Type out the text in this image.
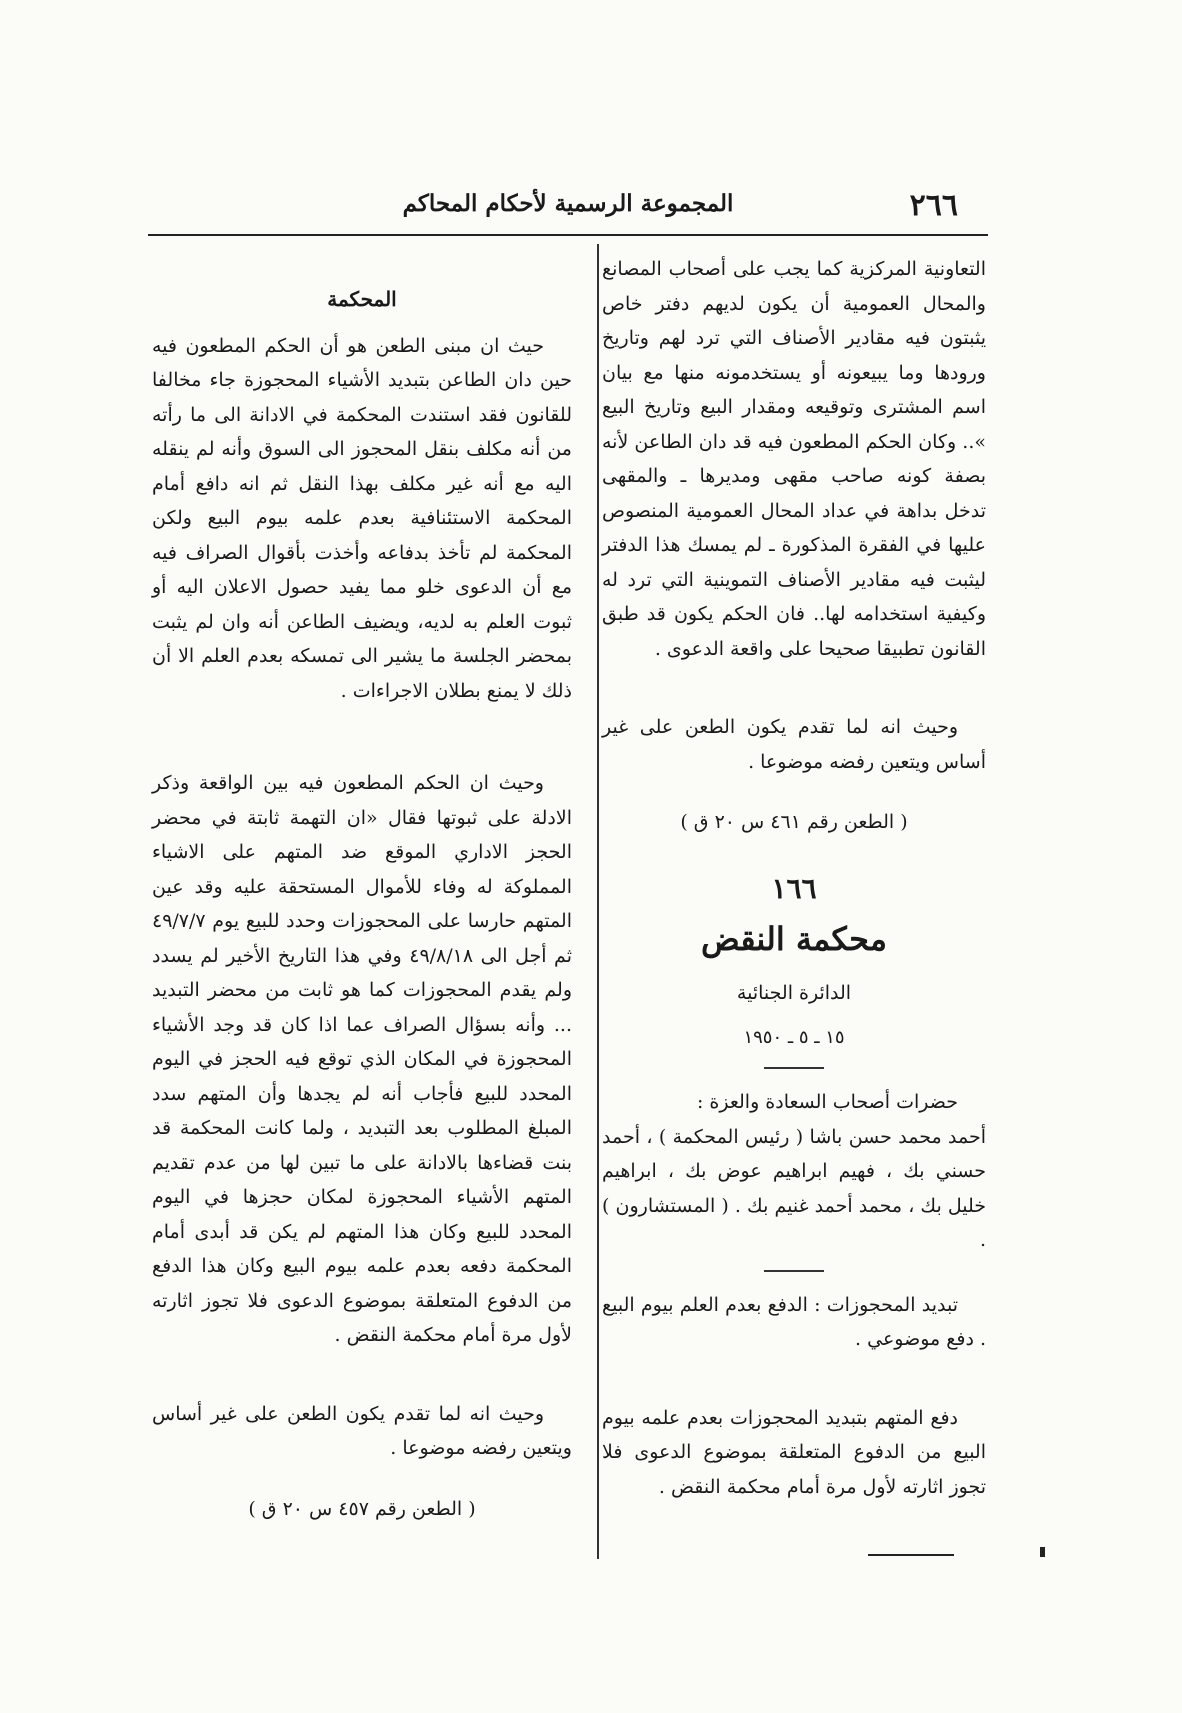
٢٦٦
المجموعة الرسمية لأحكام المحاكم

التعاونية المركزية كما يجب على أصحاب المصانع والمحال العمومية أن يكون لديهم دفتر خاص يثبتون فيه مقادير الأصناف التي ترد لهم وتاريخ ورودها وما يبيعونه أو يستخدمونه منها مع بيان اسم المشترى وتوقيعه ومقدار البيع وتاريخ البيع ».. وكان الحكم المطعون فيه قد دان الطاعن لأنه بصفة كونه صاحب مقهى ومديرها ـ والمقهى تدخل بداهة في عداد المحال العمومية المنصوص عليها في الفقرة المذكورة ـ لم يمسك هذا الدفتر ليثبت فيه مقادير الأصناف التموينية التي ترد له وكيفية استخدامه لها.. فان الحكم يكون قد طبق القانون تطبيقا صحيحا على واقعة الدعوى .

وحيث انه لما تقدم يكون الطعن على غير أساس ويتعين رفضه موضوعا .

( الطعن رقم ٤٦١ س ٢٠ ق )

١٦٦
محكمة النقض
الدائرة الجنائية
١٥ ـ ٥ ـ ١٩٥٠

حضرات أصحاب السعادة والعزة :

أحمد محمد حسن باشا ( رئيس المحكمة ) ، أحمد حسني بك ، فهيم ابراهيم عوض بك ، ابراهيم خليل بك ، محمد أحمد غنيم بك . ( المستشارون ) .

تبديد المحجوزات : الدفع بعدم العلم بيوم البيع . دفع موضوعي .

دفع المتهم بتبديد المحجوزات بعدم علمه بيوم البيع من الدفوع المتعلقة بموضوع الدعوى فلا تجوز اثارته لأول مرة أمام محكمة النقض .

المحكمة

حيث ان مبنى الطعن هو أن الحكم المطعون فيه حين دان الطاعن بتبديد الأشياء المحجوزة جاء مخالفا للقانون فقد استندت المحكمة في الادانة الى ما رأته من أنه مكلف بنقل المحجوز الى السوق وأنه لم ينقله اليه مع أنه غير مكلف بهذا النقل ثم انه دافع أمام المحكمة الاستئنافية بعدم علمه بيوم البيع ولكن المحكمة لم تأخذ بدفاعه وأخذت بأقوال الصراف فيه مع أن الدعوى خلو مما يفيد حصول الاعلان اليه أو ثبوت العلم به لديه، ويضيف الطاعن أنه وان لم يثبت بمحضر الجلسة ما يشير الى تمسكه بعدم العلم الا أن ذلك لا يمنع بطلان الاجراءات .

وحيث ان الحكم المطعون فيه بين الواقعة وذكر الادلة على ثبوتها فقال «ان التهمة ثابتة في محضر الحجز الاداري الموقع ضد المتهم على الاشياء المملوكة له وفاء للأموال المستحقة عليه وقد عين المتهم حارسا على المحجوزات وحدد للبيع يوم ٤٩/٧/٧ ثم أجل الى ٤٩/٨/١٨ وفي هذا التاريخ الأخير لم يسدد ولم يقدم المحجوزات كما هو ثابت من محضر التبديد ... وأنه بسؤال الصراف عما اذا كان قد وجد الأشياء المحجوزة في المكان الذي توقع فيه الحجز في اليوم المحدد للبيع فأجاب أنه لم يجدها وأن المتهم سدد المبلغ المطلوب بعد التبديد ، ولما كانت المحكمة قد بنت قضاءها بالادانة على ما تبين لها من عدم تقديم المتهم الأشياء المحجوزة لمكان حجزها في اليوم المحدد للبيع وكان هذا المتهم لم يكن قد أبدى أمام المحكمة دفعه بعدم علمه بيوم البيع وكان هذا الدفع من الدفوع المتعلقة بموضوع الدعوى فلا تجوز اثارته لأول مرة أمام محكمة النقض .

وحيث انه لما تقدم يكون الطعن على غير أساس ويتعين رفضه موضوعا .

( الطعن رقم ٤٥٧ س ٢٠ ق )
